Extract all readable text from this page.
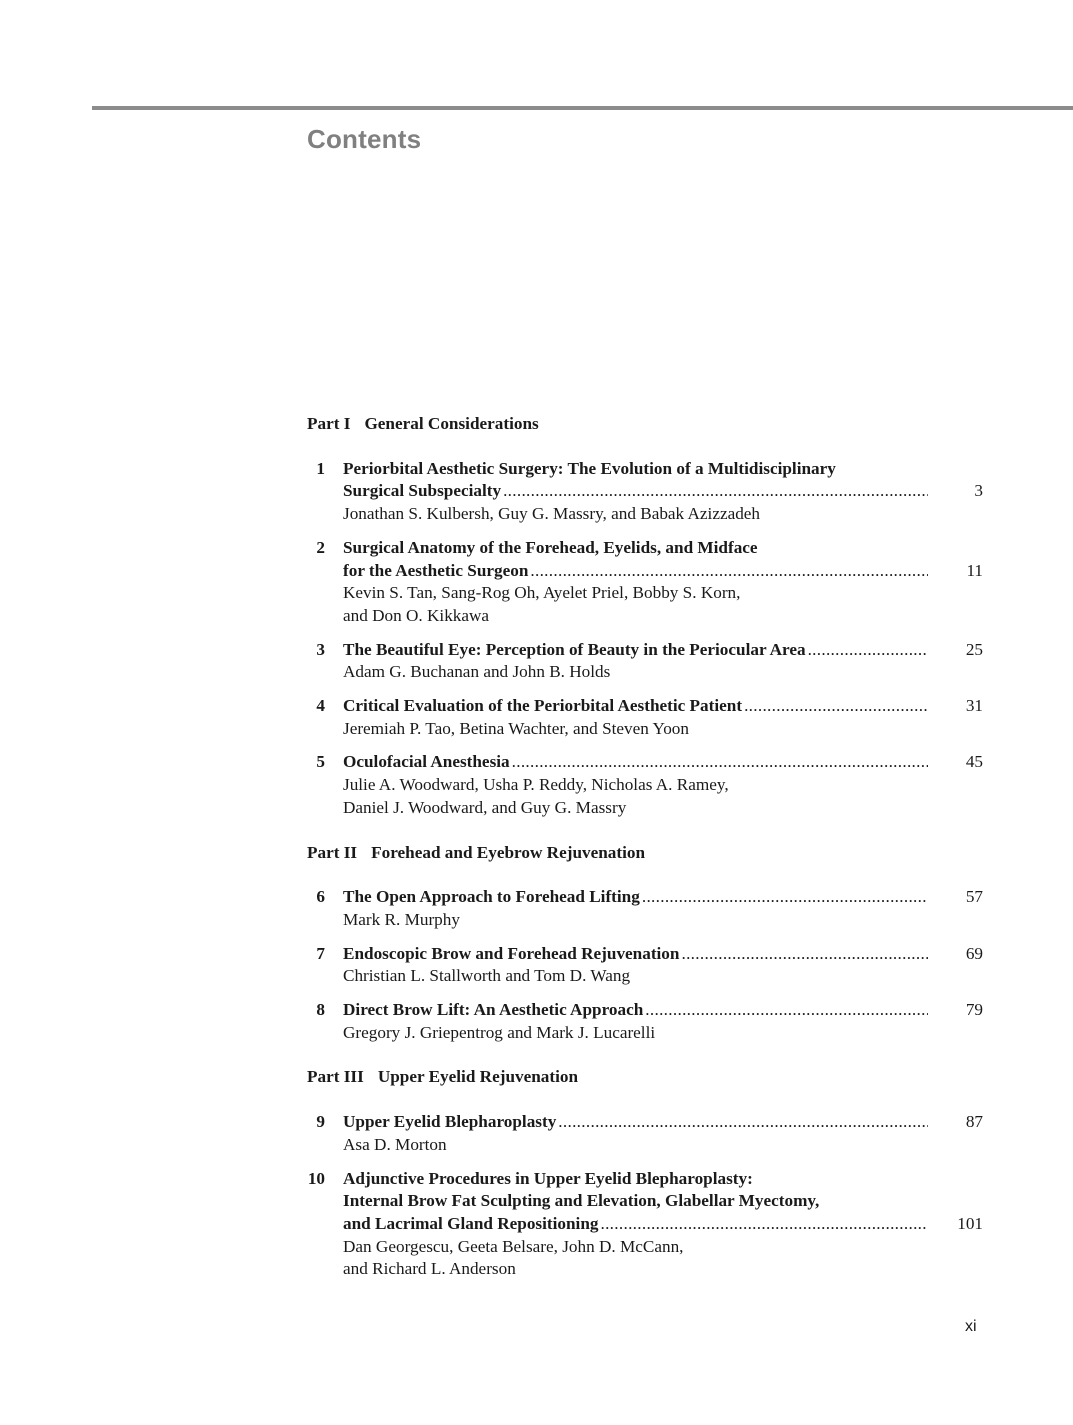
Contents
Part I General Considerations
1 Periorbital Aesthetic Surgery: The Evolution of a Multidisciplinary
Surgical Subspecialty .....	3
Jonathan S. Kulbersh, Guy G. Massry, and Babak Azizzadeh
2 Surgical Anatomy of the Forehead, Eyelids, and Midface
for the Aesthetic Surgeon .....	11
Kevin S. Tan, Sang-Rog Oh, Ayelet Priel, Bobby S. Korn,
and Don O. Kikkawa
3 The Beautiful Eye: Perception of Beauty in the Periocular Area .....	25
Adam G. Buchanan and John B. Holds
4 Critical Evaluation of the Periorbital Aesthetic Patient .....	31
Jeremiah P. Tao, Betina Wachter, and Steven Yoon
5 Oculofacial Anesthesia .....	45
Julie A. Woodward, Usha P. Reddy, Nicholas A. Ramey,
Daniel J. Woodward, and Guy G. Massry
Part II Forehead and Eyebrow Rejuvenation
6 The Open Approach to Forehead Lifting .....	57
Mark R. Murphy
7 Endoscopic Brow and Forehead Rejuvenation .....	69
Christian L. Stallworth and Tom D. Wang
8 Direct Brow Lift: An Aesthetic Approach .....	79
Gregory J. Griepentrog and Mark J. Lucarelli
Part III Upper Eyelid Rejuvenation
9 Upper Eyelid Blepharoplasty .....	87
Asa D. Morton
10 Adjunctive Procedures in Upper Eyelid Blepharoplasty:
Internal Brow Fat Sculpting and Elevation, Glabellar Myectomy,
and Lacrimal Gland Repositioning .....	101
Dan Georgescu, Geeta Belsare, John D. McCann,
and Richard L. Anderson
xi
